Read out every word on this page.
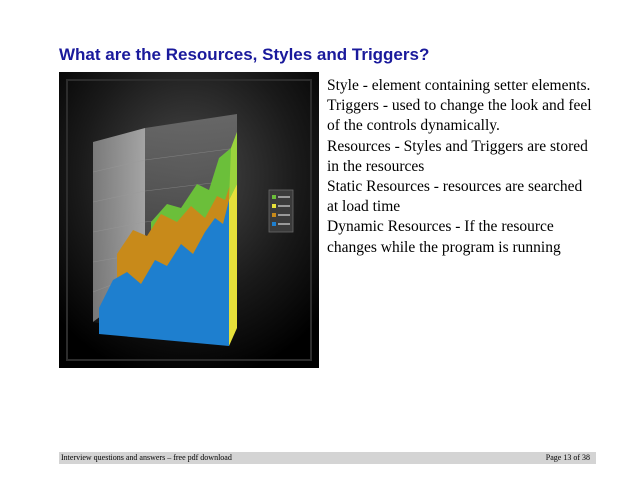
What are the Resources, Styles and Triggers?
Style - element containing setter elements.
Triggers - used to change the look and feel of the controls dynamically.
Resources - Styles and Triggers are stored in the resources
Static Resources - resources are searched at load time
Dynamic Resources - If the resource changes while the program is running
Interview questions and answers – free pdf download	Page 13 of 38
